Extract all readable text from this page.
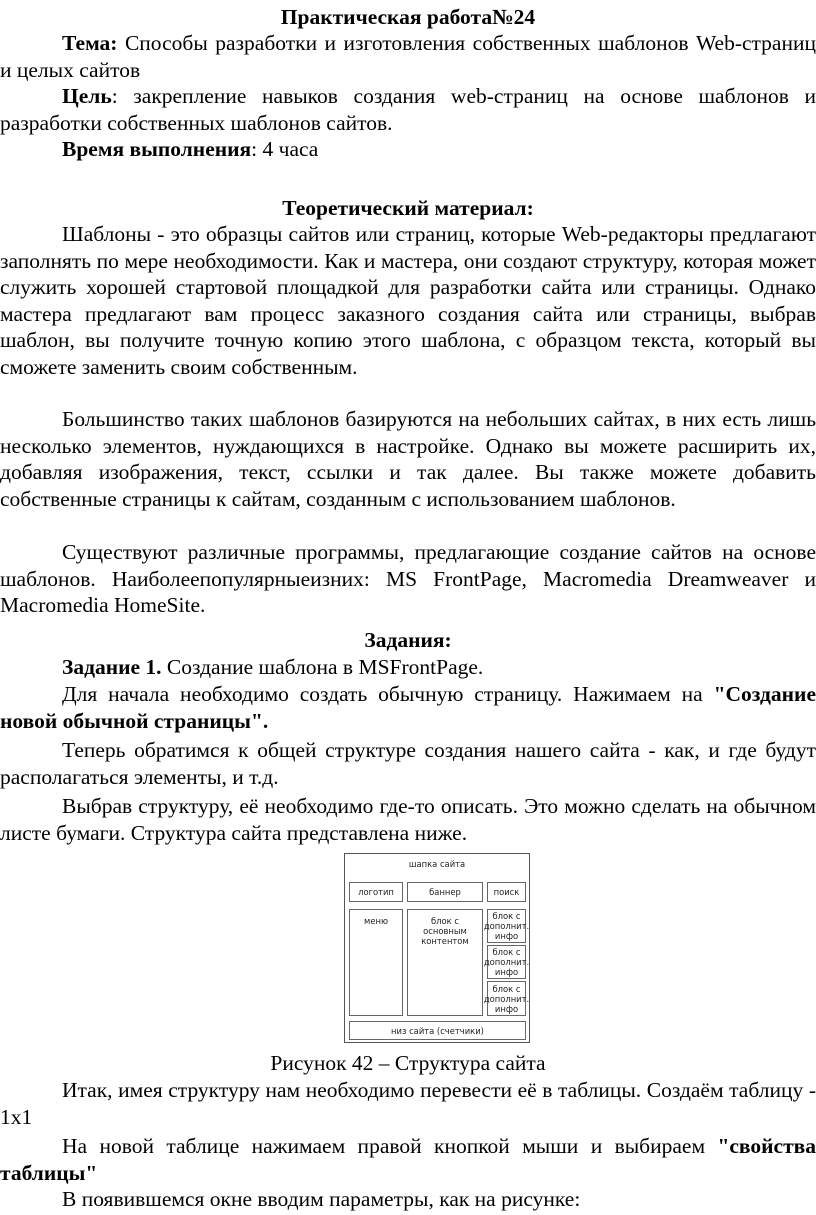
Практическая работа№24

Тема: Способы разработки и изготовления собственных шаблонов Web-страниц и целых сайтов

Цель: закрепление навыков создания web-страниц на основе шаблонов и разработки собственных шаблонов сайтов.

Время выполнения: 4 часа

Теоретический материал:

Шаблоны - это образцы сайтов или страниц, которые Web-редакторы предлагают заполнять по мере необходимости. Как и мастера, они создают структуру, которая может служить хорошей стартовой площадкой для разработки сайта или страницы. Однако мастера предлагают вам процесс заказного создания сайта или страницы, выбрав шаблон, вы получите точную копию этого шаблона, с образцом текста, который вы сможете заменить своим собственным.

Большинство таких шаблонов базируются на небольших сайтах, в них есть лишь несколько элементов, нуждающихся в настройке. Однако вы можете расширить их, добавляя изображения, текст, ссылки и так далее. Вы также можете добавить собственные страницы к сайтам, созданным с использованием шаблонов.

Существуют различные программы, предлагающие создание сайтов на основе шаблонов. Наиболеепопулярныеизних: MS FrontPage, Macromedia Dreamweaver и Macromedia HomeSite.

Задания:

Задание 1. Создание шаблона в MSFrontPage.

Для начала необходимо создать обычную страницу. Нажимаем на "Создание новой обычной страницы".

Теперь обратимся к общей структуре создания нашего сайта - как, и где будут располагаться элементы, и т.д.

Выбрав структуру, её необходимо где-то описать. Это можно сделать на обычном листе бумаги. Структура сайта представлена ниже.

шапка сайта
логотип	баннер	поиск
меню	блок с основным
контентом
блок с
дополнит.
инфо
блок с
дополнит.
инфо
блок с
дополнит.
инфо
низ сайта (счетчики)

Рисунок 42 – Структура сайта

Итак, имея структуру нам необходимо перевести её в таблицы. Создаём таблицу - 1х1

На новой таблице нажимаем правой кнопкой мыши и выбираем "свойства таблицы"

В появившемся окне вводим параметры, как на рисунке:
